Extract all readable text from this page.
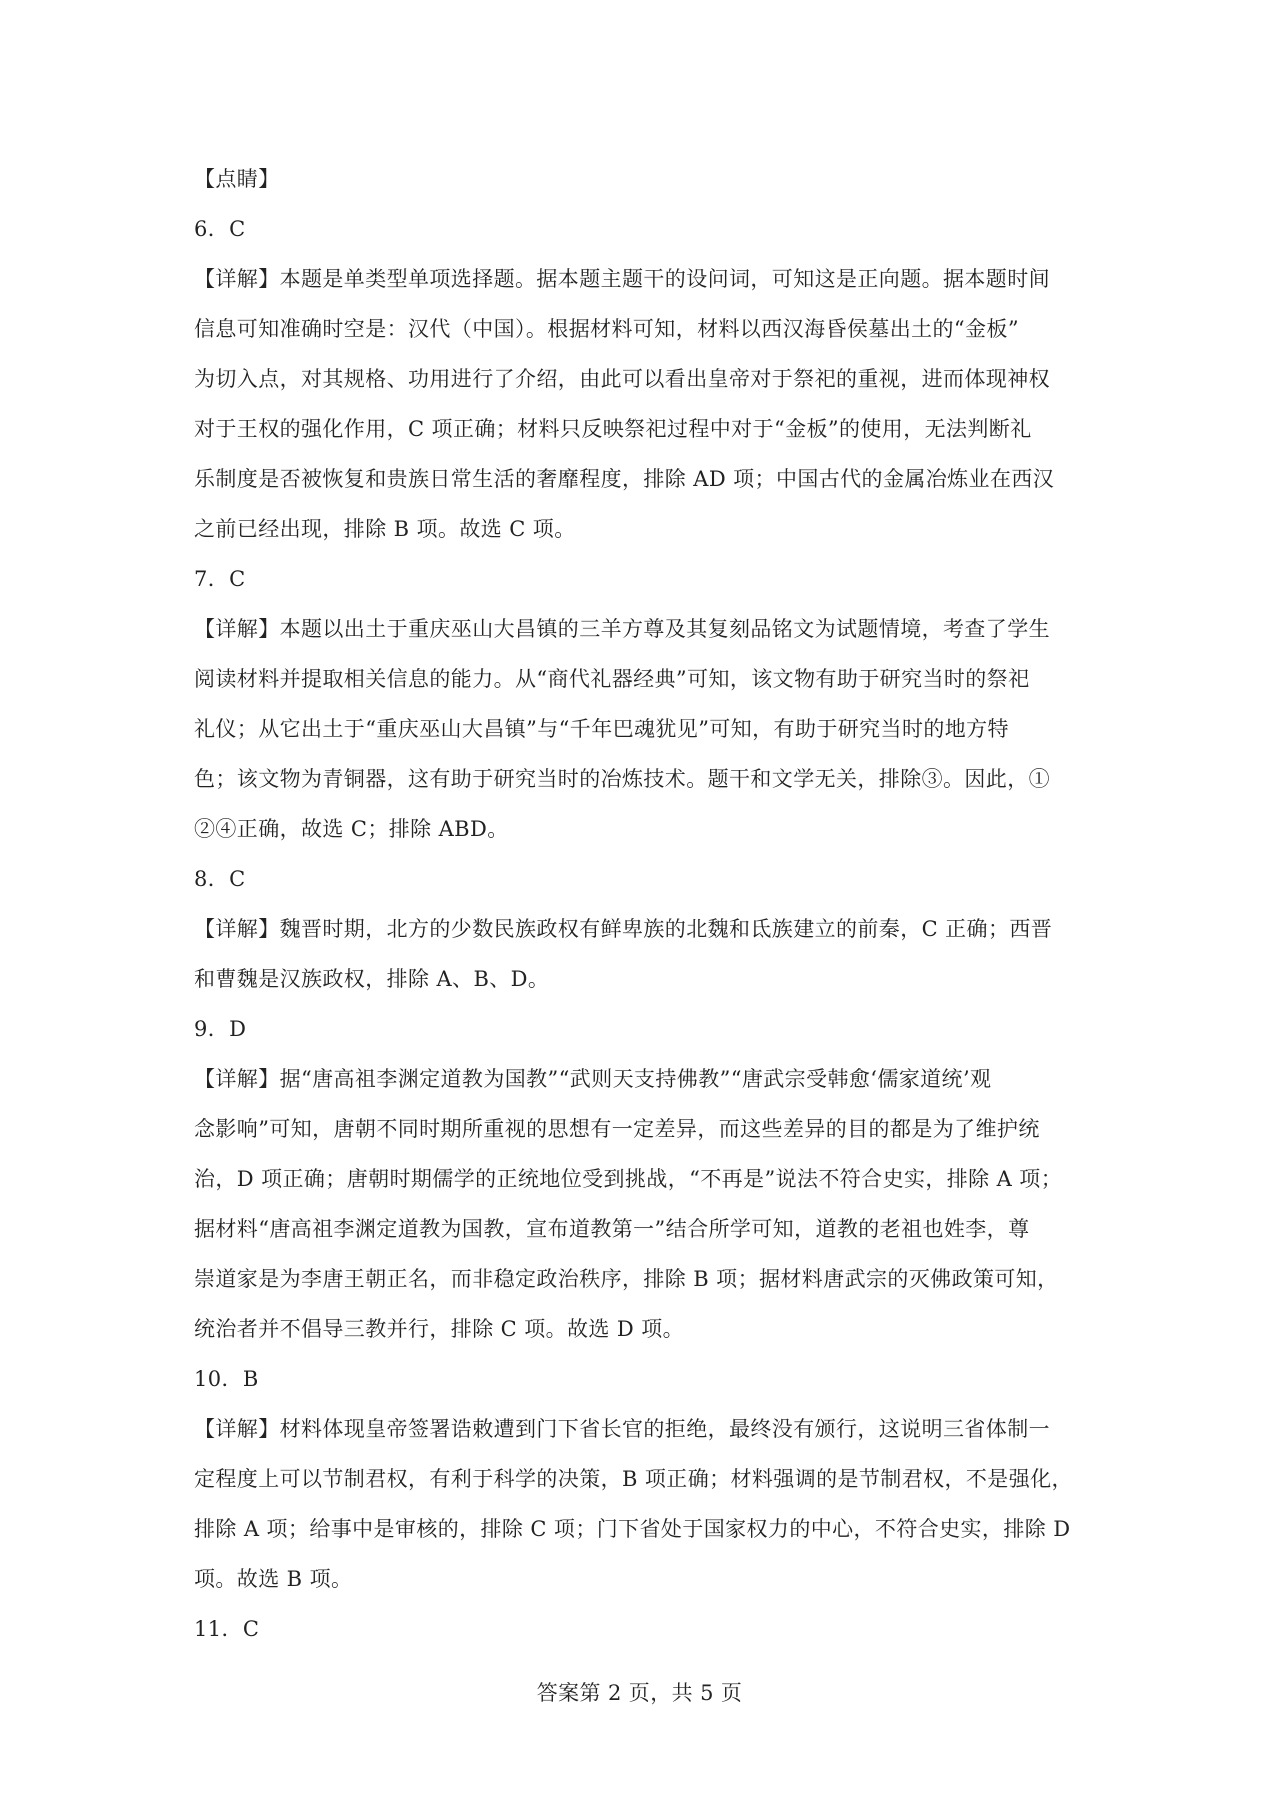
【点睛】
6．C
【详解】本题是单类型单项选择题。据本题主题干的设问词，可知这是正向题。据本题时间
信息可知准确时空是：汉代（中国）。根据材料可知，材料以西汉海昏侯墓出土的“金板”
为切入点，对其规格、功用进行了介绍，由此可以看出皇帝对于祭祀的重视，进而体现神权
对于王权的强化作用，C 项正确；材料只反映祭祀过程中对于“金板”的使用，无法判断礼
乐制度是否被恢复和贵族日常生活的奢靡程度，排除 AD 项；中国古代的金属冶炼业在西汉
之前已经出现，排除 B 项。故选 C 项。
7．C
【详解】本题以出土于重庆巫山大昌镇的三羊方尊及其复刻品铭文为试题情境，考查了学生
阅读材料并提取相关信息的能力。从“商代礼器经典”可知，该文物有助于研究当时的祭祀
礼仪；从它出土于“重庆巫山大昌镇”与“千年巴魂犹见”可知，有助于研究当时的地方特
色；该文物为青铜器，这有助于研究当时的冶炼技术。题干和文学无关，排除③。因此，①
②④正确，故选 C；排除 ABD。
8．C
【详解】魏晋时期，北方的少数民族政权有鲜卑族的北魏和氐族建立的前秦，C 正确；西晋
和曹魏是汉族政权，排除 A、B、D。
9．D
【详解】据“唐高祖李渊定道教为国教”“武则天支持佛教”“唐武宗受韩愈‘儒家道统’观
念影响”可知，唐朝不同时期所重视的思想有一定差异，而这些差异的目的都是为了维护统
治，D 项正确；唐朝时期儒学的正统地位受到挑战，“不再是”说法不符合史实，排除 A 项；
据材料“唐高祖李渊定道教为国教，宣布道教第一”结合所学可知，道教的老祖也姓李，尊
崇道家是为李唐王朝正名，而非稳定政治秩序，排除 B 项；据材料唐武宗的灭佛政策可知，
统治者并不倡导三教并行，排除 C 项。故选 D 项。
10．B
【详解】材料体现皇帝签署诰敕遭到门下省长官的拒绝，最终没有颁行，这说明三省体制一
定程度上可以节制君权，有利于科学的决策，B 项正确；材料强调的是节制君权，不是强化，
排除 A 项；给事中是审核的，排除 C 项；门下省处于国家权力的中心，不符合史实，排除 D
项。故选 B 项。
11．C
答案第 2 页，共 5 页
